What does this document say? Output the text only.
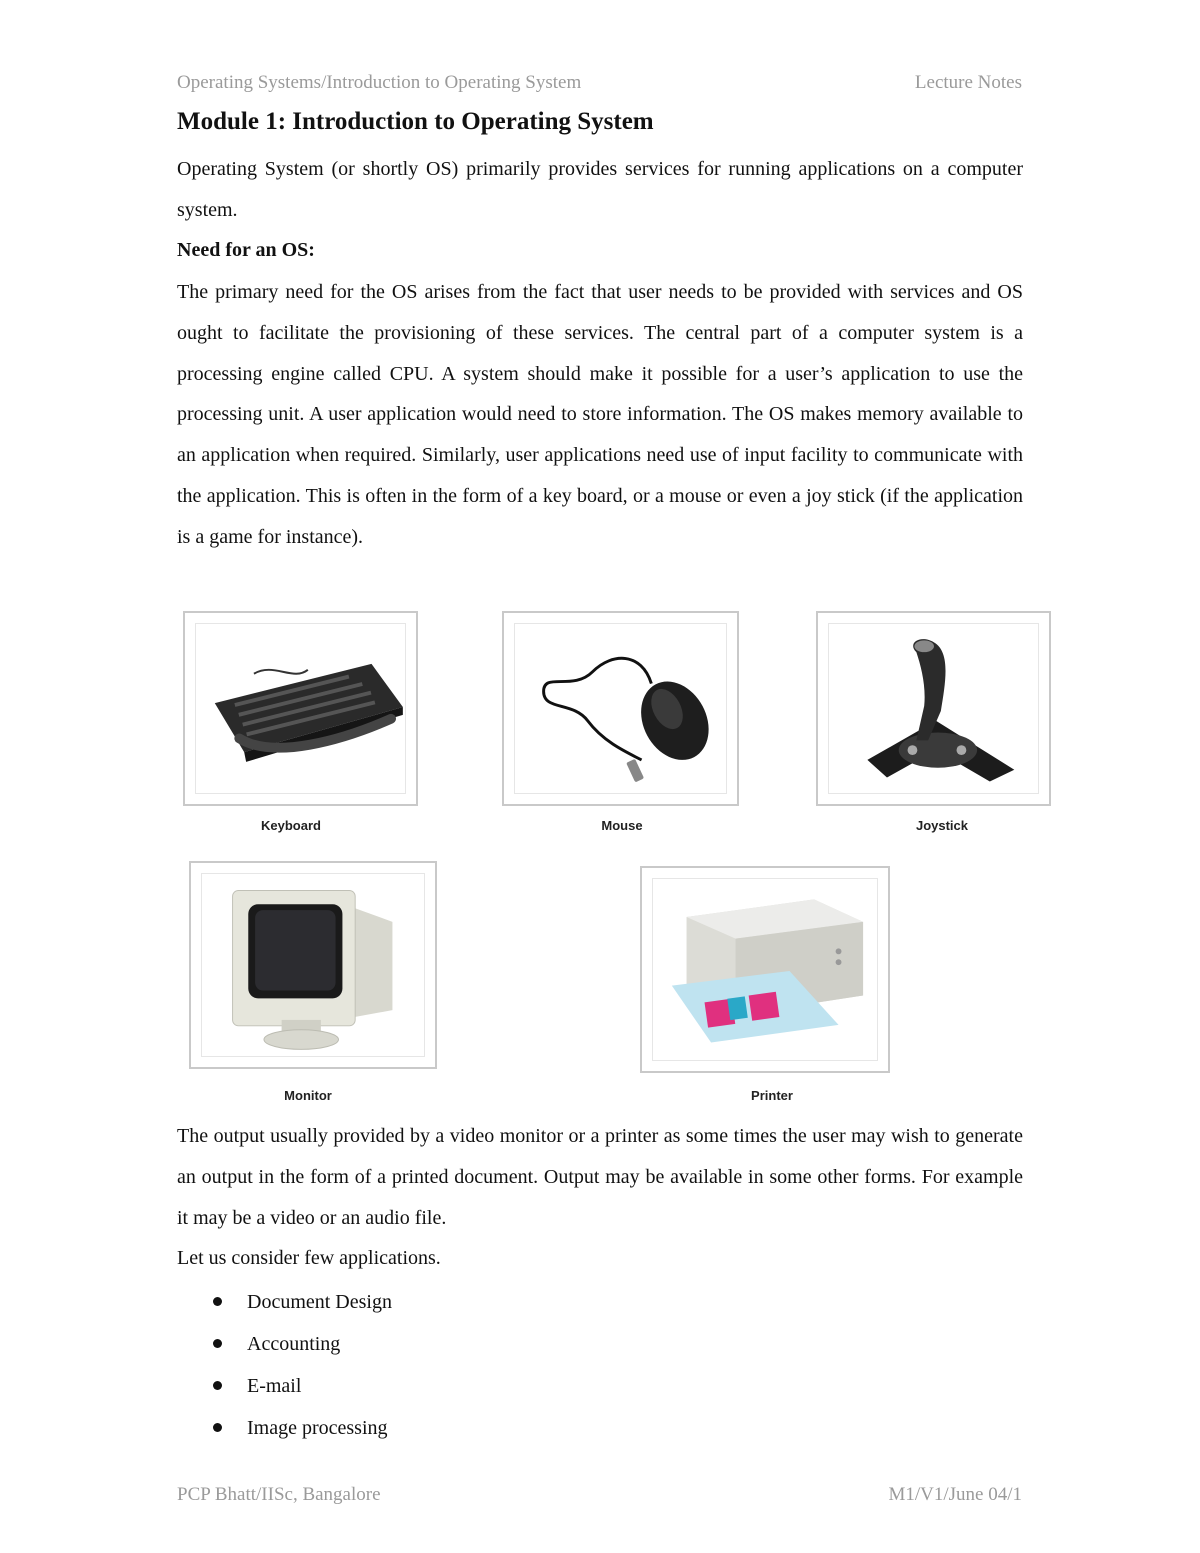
Operating Systems/Introduction to Operating System	Lecture Notes
Module 1: Introduction to Operating System

Operating System (or shortly OS) primarily provides services for running applications on a computer system.

Need for an OS:

The primary need for the OS arises from the fact that user needs to be provided with services and OS ought to facilitate the provisioning of these services. The central part of a computer system is a processing engine called CPU. A system should make it possible for a user’s application to use the processing unit. A user application would need to store information. The OS makes memory available to an application when required. Similarly, user applications need use of input facility to communicate with the application. This is often in the form of a key board, or a mouse or even a joy stick (if the application is a game for instance).

Keyboard	Mouse	Joystick
Monitor	Printer

The output usually provided by a video monitor or a printer as some times the user may wish to generate an output in the form of a printed document. Output may be available in some other forms. For example it may be a video or an audio file.

Let us consider few applications.

Document Design
Accounting
E-mail
Image processing
PCP Bhatt/IISc, Bangalore	M1/V1/June 04/1
